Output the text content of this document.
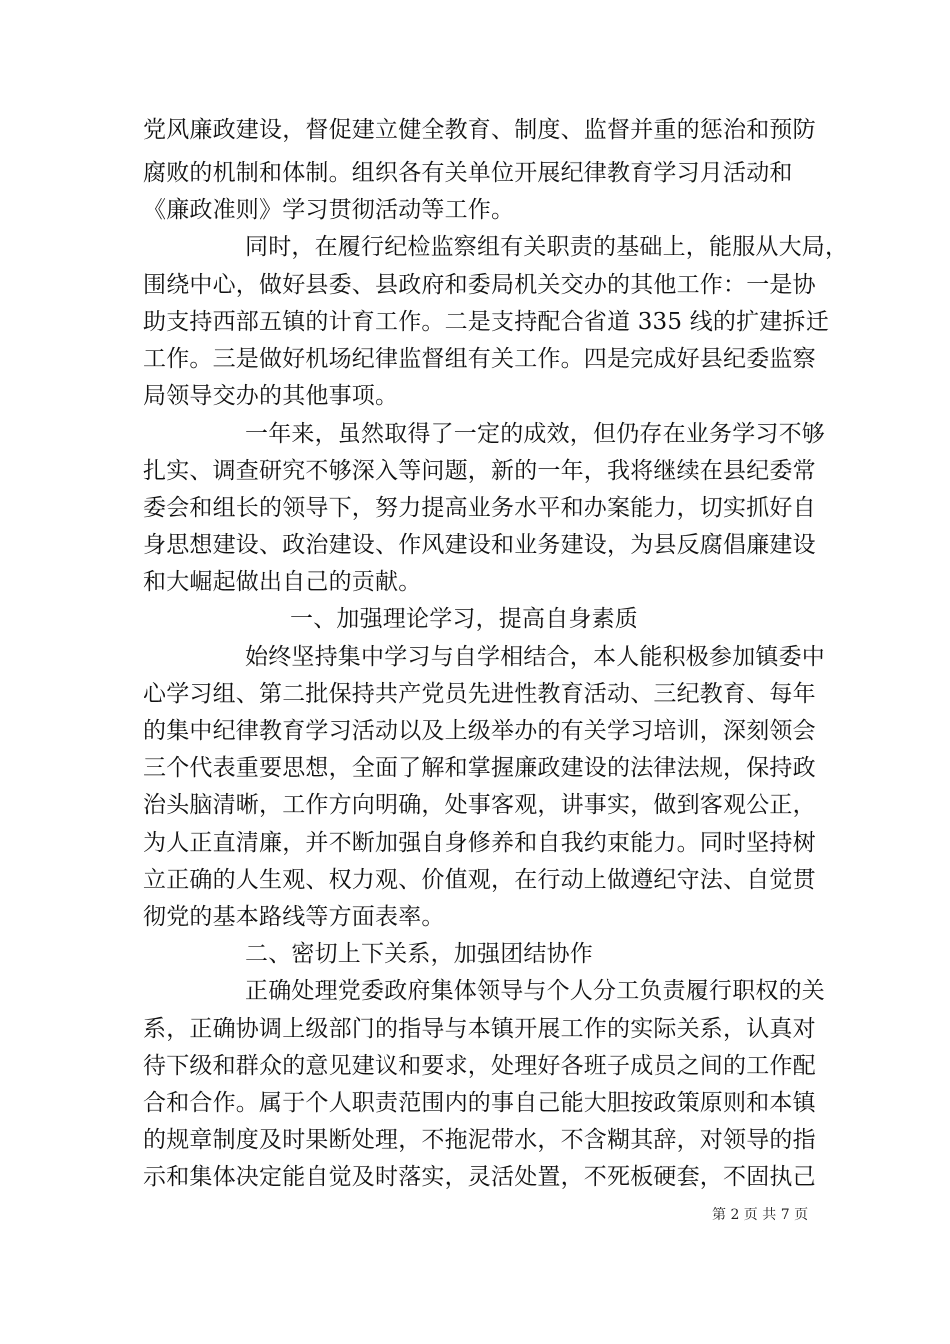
党风廉政建设，督促建立健全教育、制度、监督并重的惩治和预防
腐败的机制和体制。组织各有关单位开展纪律教育学习月活动和
《廉政准则》学习贯彻活动等工作。
同时，在履行纪检监察组有关职责的基础上，能服从大局，
围绕中心，做好县委、县政府和委局机关交办的其他工作：一是协
助支持西部五镇的计育工作。二是支持配合省道 335 线的扩建拆迁
工作。三是做好机场纪律监督组有关工作。四是完成好县纪委监察
局领导交办的其他事项。
一年来，虽然取得了一定的成效，但仍存在业务学习不够
扎实、调查研究不够深入等问题，新的一年，我将继续在县纪委常
委会和组长的领导下，努力提高业务水平和办案能力，切实抓好自
身思想建设、政治建设、作风建设和业务建设，为县反腐倡廉建设
和大崛起做出自己的贡献。
一、加强理论学习，提高自身素质
始终坚持集中学习与自学相结合，本人能积极参加镇委中
心学习组、第二批保持共产党员先进性教育活动、三纪教育、每年
的集中纪律教育学习活动以及上级举办的有关学习培训，深刻领会
三个代表重要思想，全面了解和掌握廉政建设的法律法规，保持政
治头脑清晰，工作方向明确，处事客观，讲事实，做到客观公正，
为人正直清廉，并不断加强自身修养和自我约束能力。同时坚持树
立正确的人生观、权力观、价值观，在行动上做遵纪守法、自觉贯
彻党的基本路线等方面表率。
二、密切上下关系，加强团结协作
正确处理党委政府集体领导与个人分工负责履行职权的关
系，正确协调上级部门的指导与本镇开展工作的实际关系，认真对
待下级和群众的意见建议和要求，处理好各班子成员之间的工作配
合和合作。属于个人职责范围内的事自己能大胆按政策原则和本镇
的规章制度及时果断处理，不拖泥带水，不含糊其辞，对领导的指
示和集体决定能自觉及时落实，灵活处置，不死板硬套，不固执己
第 2 页 共 7 页
